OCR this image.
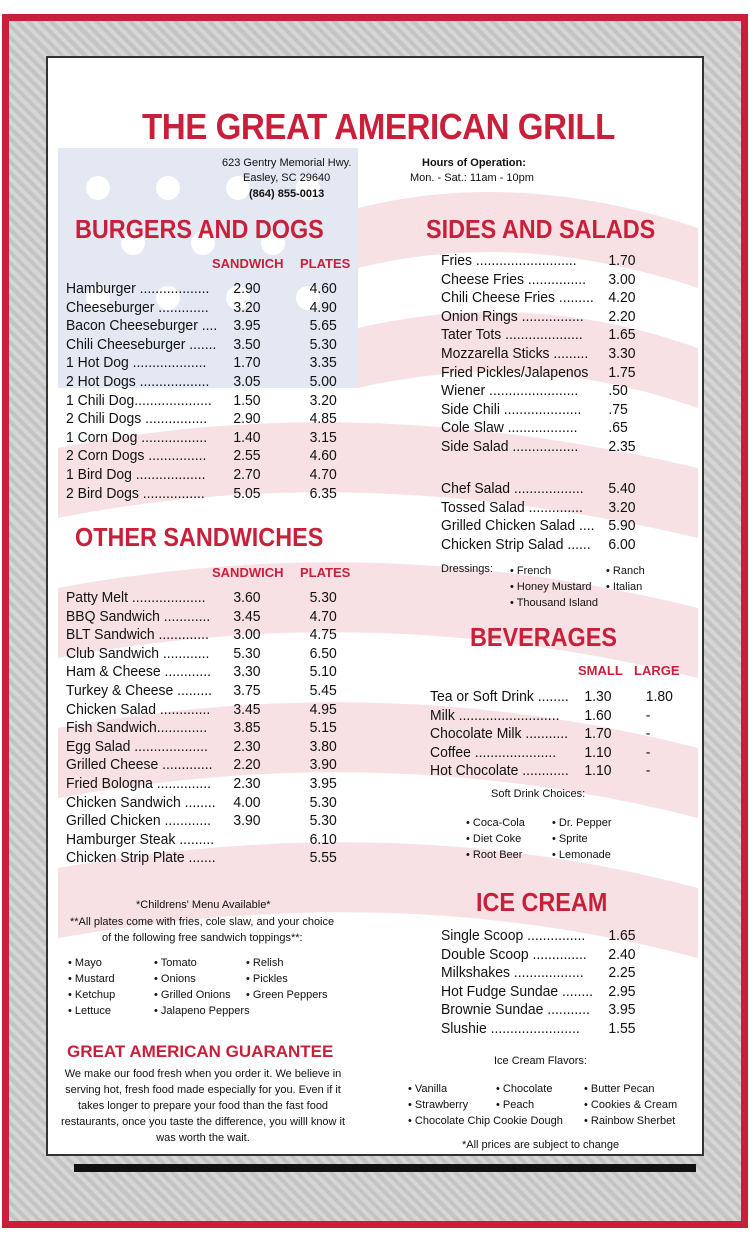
THE GREAT AMERICAN GRILL
623 Gentry Memorial Hwy.
Easley, SC 29640
(864) 855-0013
Hours of Operation:
Mon. - Sat.: 11am - 10pm
BURGERS AND DOGS
SANDWICH PLATES
Hamburger .................. 2.90	4.60
Cheeseburger ............. 3.20	4.90
Bacon Cheeseburger .... 3.95	5.65
Chili Cheeseburger ....... 3.50	5.30
1 Hot Dog ................... 1.70	3.35
2 Hot Dogs .................. 3.05	5.00
1 Chili Dog.................... 1.50	3.20
2 Chili Dogs ................ 2.90	4.85
1 Corn Dog ................. 1.40	3.15
2 Corn Dogs ............... 2.55	4.60
1 Bird Dog .................. 2.70	4.70
2 Bird Dogs ................ 5.05	6.35
OTHER SANDWICHES
SANDWICH PLATES
Patty Melt ................... 3.60	5.30
BBQ Sandwich ............ 3.45	4.70
BLT Sandwich ............. 3.00	4.75
Club Sandwich ............ 5.30	6.50
Ham & Cheese ............ 3.30	5.10
Turkey & Cheese ......... 3.75	5.45
Chicken Salad ............. 3.45	4.95
Fish Sandwich............. 3.85	5.15
Egg Salad ................... 2.30	3.80
Grilled Cheese ............. 2.20	3.90
Fried Bologna .............. 2.30	3.95
Chicken Sandwich ........ 4.00	5.30
Grilled Chicken ............ 3.90	5.30
Hamburger Steak .........	6.10
Chicken Strip Plate .......	5.55
*Childrens' Menu Available*
**All plates come with fries, cole slaw, and your choice
of the following free sandwich toppings**:
• Mayo	• Tomato	• Relish
• Mustard	• Onions	• Pickles
• Ketchup	• Grilled Onions • Green Peppers
• Lettuce	• Jalapeno Peppers
GREAT AMERICAN GUARANTEE
We make our food fresh when you order it. We believe in
serving hot, fresh food made especially for you. Even if it
takes longer to prepare your food than the fast food
restaurants, once you taste the difference, you willl know it
was worth the wait.
SIDES AND SALADS
Fries .......................... 1.70
Cheese Fries ............... 3.00
Chili Cheese Fries ......... 4.20
Onion Rings ................ 2.20
Tater Tots .................... 1.65
Mozzarella Sticks ......... 3.30
Fried Pickles/Jalapenos 1.75
Wiener ....................... .50
Side Chili .................... .75
Cole Slaw .................. .65
Side Salad ................. 2.35
Chef Salad .................. 5.40
Tossed Salad .............. 3.20
Grilled Chicken Salad .... 5.90
Chicken Strip Salad ...... 6.00
Dressings: • French	• Ranch
• Honey Mustard • Italian
• Thousand Island
BEVERAGES
SMALL LARGE
Tea or Soft Drink ........ 1.30 1.80
Milk .......................... 1.60 -
Chocolate Milk ........... 1.70 -
Coffee ..................... 1.10 -
Hot Chocolate ............ 1.10 -
Soft Drink Choices:
• Coca-Cola • Dr. Pepper
• Diet Coke	• Sprite
• Root Beer	• Lemonade
ICE CREAM
Single Scoop ............... 1.65
Double Scoop .............. 2.40
Milkshakes .................. 2.25
Hot Fudge Sundae ........ 2.95
Brownie Sundae ........... 3.95
Slushie ....................... 1.55
Ice Cream Flavors:
• Vanilla	• Chocolate	• Butter Pecan
• Strawberry	• Peach	• Cookies & Cream
• Chocolate Chip Cookie Dough • Rainbow Sherbet
*All prices are subject to change
